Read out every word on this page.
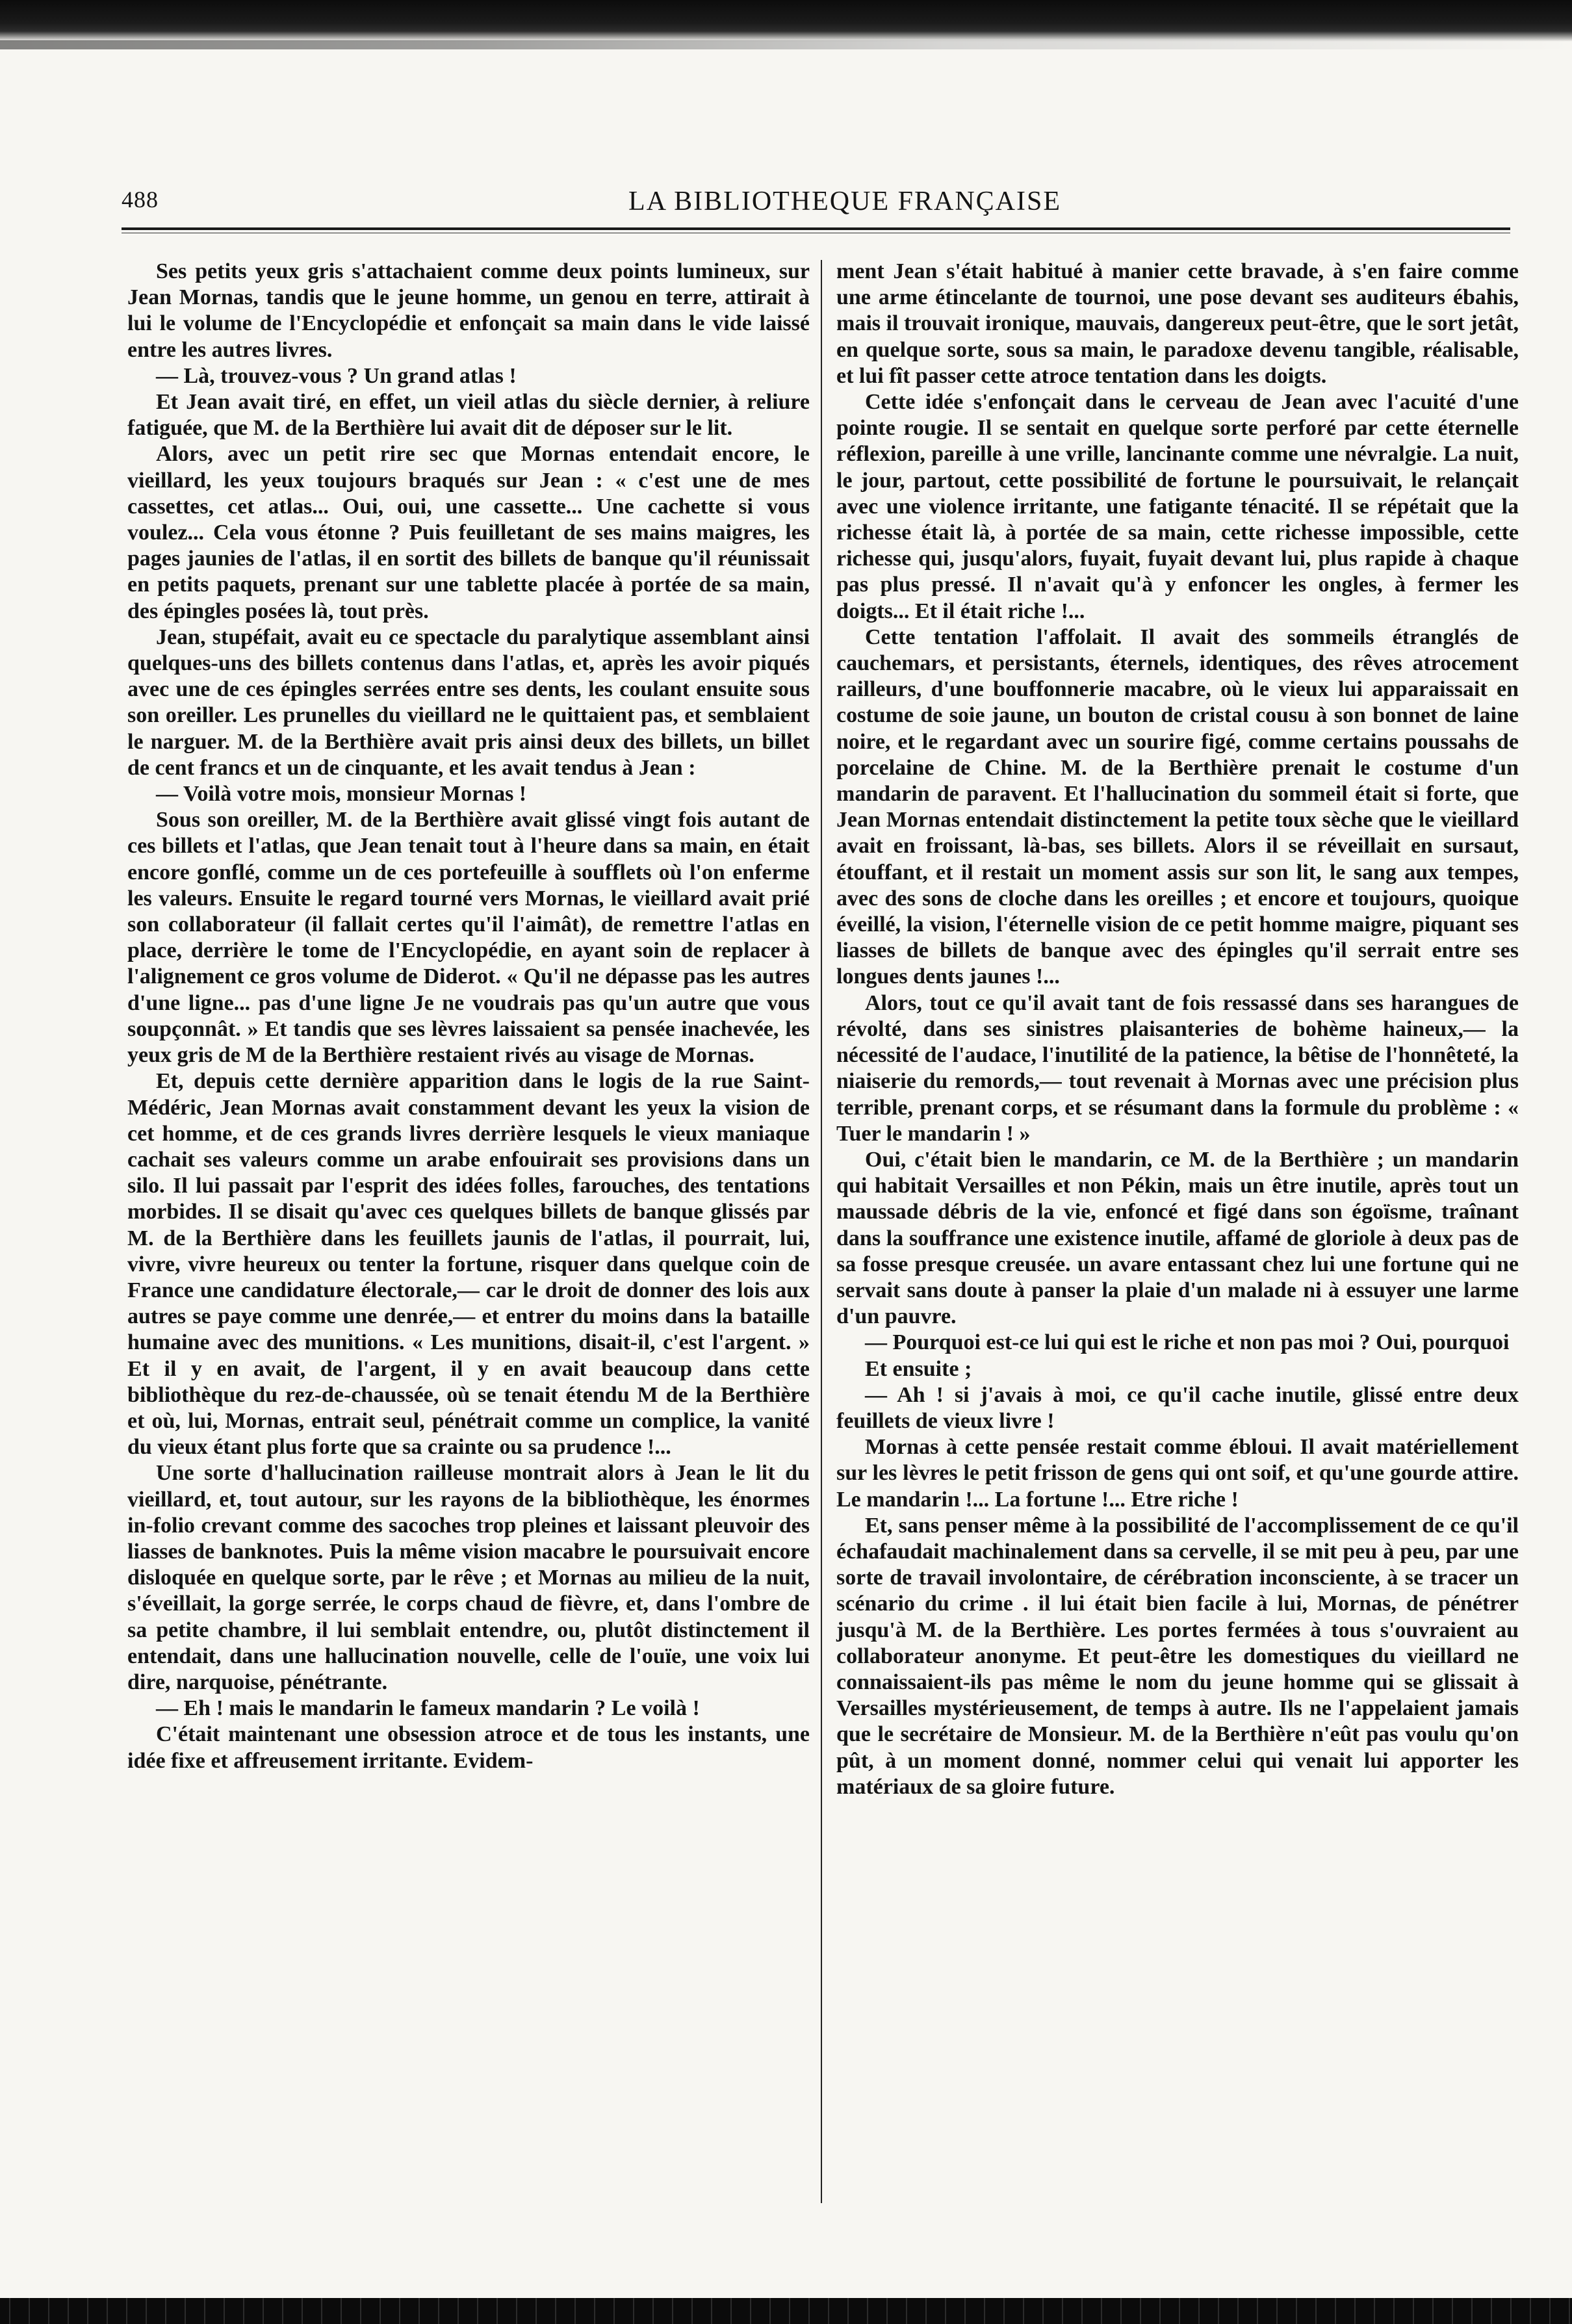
488	LA BIBLIOTHEQUE FRANÇAISE

Ses petits yeux gris s'attachaient comme deux points lumineux, sur Jean Mornas, tandis que le jeune homme, un genou en terre, attirait à lui le volume de l'Encyclopédie et enfonçait sa main dans le vide laissé entre les autres livres.

— Là, trouvez-vous ? Un grand atlas !

Et Jean avait tiré, en effet, un vieil atlas du siècle dernier, à reliure fatiguée, que M. de la Berthière lui avait dit de déposer sur le lit.

Alors, avec un petit rire sec que Mornas entendait encore, le vieillard, les yeux toujours braqués sur Jean : « c'est une de mes cassettes, cet atlas... Oui, oui, une cassette... Une cachette si vous voulez... Cela vous étonne ? Puis feuilletant de ses mains maigres, les pages jaunies de l'atlas, il en sortit des billets de banque qu'il réunissait en petits paquets, prenant sur une tablette placée à portée de sa main, des épingles posées là, tout près.

Jean, stupéfait, avait eu ce spectacle du paralytique assemblant ainsi quelques-uns des billets contenus dans l'atlas, et, après les avoir piqués avec une de ces épingles serrées entre ses dents, les coulant ensuite sous son oreiller. Les prunelles du vieillard ne le quittaient pas, et semblaient le narguer. M. de la Berthière avait pris ainsi deux des billets, un billet de cent francs et un de cinquante, et les avait tendus à Jean :

— Voilà votre mois, monsieur Mornas !

Sous son oreiller, M. de la Berthière avait glissé vingt fois autant de ces billets et l'atlas, que Jean tenait tout à l'heure dans sa main, en était encore gonflé, comme un de ces portefeuille à soufflets où l'on enferme les valeurs. Ensuite le regard tourné vers Mornas, le vieillard avait prié son collaborateur (il fallait certes qu'il l'aimât), de remettre l'atlas en place, derrière le tome de l'Encyclopédie, en ayant soin de replacer à l'alignement ce gros volume de Diderot. « Qu'il ne dépasse pas les autres d'une ligne... pas d'une ligne Je ne voudrais pas qu'un autre que vous soupçonnât. » Et tandis que ses lèvres laissaient sa pensée inachevée, les yeux gris de M de la Berthière restaient rivés au visage de Mornas.

Et, depuis cette dernière apparition dans le logis de la rue Saint-Médéric, Jean Mornas avait constamment devant les yeux la vision de cet homme, et de ces grands livres derrière lesquels le vieux maniaque cachait ses valeurs comme un arabe enfouirait ses provisions dans un silo. Il lui passait par l'esprit des idées folles, farouches, des tentations morbides. Il se disait qu'avec ces quelques billets de banque glissés par M. de la Berthière dans les feuillets jaunis de l'atlas, il pourrait, lui, vivre, vivre heureux ou tenter la fortune, risquer dans quelque coin de France une candidature électorale,— car le droit de donner des lois aux autres se paye comme une denrée,— et entrer du moins dans la bataille humaine avec des munitions. « Les munitions, disait-il, c'est l'argent. » Et il y en avait, de l'argent, il y en avait beaucoup dans cette bibliothèque du rez-de-chaussée, où se tenait étendu M de la Berthière et où, lui, Mornas, entrait seul, pénétrait comme un complice, la vanité du vieux étant plus forte que sa crainte ou sa prudence !...

Une sorte d'hallucination railleuse montrait alors à Jean le lit du vieillard, et, tout autour, sur les rayons de la bibliothèque, les énormes in-folio crevant comme des sacoches trop pleines et laissant pleuvoir des liasses de banknotes. Puis la même vision macabre le poursuivait encore disloquée en quelque sorte, par le rêve ; et Mornas au milieu de la nuit, s'éveillait, la gorge serrée, le corps chaud de fièvre, et, dans l'ombre de sa petite chambre, il lui semblait entendre, ou, plutôt distinctement il entendait, dans une hallucination nouvelle, celle de l'ouïe, une voix lui dire, narquoise, pénétrante.

— Eh ! mais le mandarin le fameux mandarin ? Le voilà !

C'était maintenant une obsession atroce et de tous les instants, une idée fixe et affreusement irritante. Evidem-

ment Jean s'était habitué à manier cette bravade, à s'en faire comme une arme étincelante de tournoi, une pose devant ses auditeurs ébahis, mais il trouvait ironique, mauvais, dangereux peut-être, que le sort jetât, en quelque sorte, sous sa main, le paradoxe devenu tangible, réalisable, et lui fît passer cette atroce tentation dans les doigts.

Cette idée s'enfonçait dans le cerveau de Jean avec l'acuité d'une pointe rougie. Il se sentait en quelque sorte perforé par cette éternelle réflexion, pareille à une vrille, lancinante comme une névralgie. La nuit, le jour, partout, cette possibilité de fortune le poursuivait, le relançait avec une violence irritante, une fatigante ténacité. Il se répétait que la richesse était là, à portée de sa main, cette richesse impossible, cette richesse qui, jusqu'alors, fuyait, fuyait devant lui, plus rapide à chaque pas plus pressé. Il n'avait qu'à y enfoncer les ongles, à fermer les doigts... Et il était riche !...

Cette tentation l'affolait. Il avait des sommeils étranglés de cauchemars, et persistants, éternels, identiques, des rêves atrocement railleurs, d'une bouffonnerie macabre, où le vieux lui apparaissait en costume de soie jaune, un bouton de cristal cousu à son bonnet de laine noire, et le regardant avec un sourire figé, comme certains poussahs de porcelaine de Chine. M. de la Berthière prenait le costume d'un mandarin de paravent. Et l'hallucination du sommeil était si forte, que Jean Mornas entendait distinctement la petite toux sèche que le vieillard avait en froissant, là-bas, ses billets. Alors il se réveillait en sursaut, étouffant, et il restait un moment assis sur son lit, le sang aux tempes, avec des sons de cloche dans les oreilles ; et encore et toujours, quoique éveillé, la vision, l'éternelle vision de ce petit homme maigre, piquant ses liasses de billets de banque avec des épingles qu'il serrait entre ses longues dents jaunes !...

Alors, tout ce qu'il avait tant de fois ressassé dans ses harangues de révolté, dans ses sinistres plaisanteries de bohème haineux,— la nécessité de l'audace, l'inutilité de la patience, la bêtise de l'honnêteté, la niaiserie du remords,— tout revenait à Mornas avec une précision plus terrible, prenant corps, et se résumant dans la formule du problème : « Tuer le mandarin ! »

Oui, c'était bien le mandarin, ce M. de la Berthière ; un mandarin qui habitait Versailles et non Pékin, mais un être inutile, après tout un maussade débris de la vie, enfoncé et figé dans son égoïsme, traînant dans la souffrance une existence inutile, affamé de gloriole à deux pas de sa fosse presque creusée. un avare entassant chez lui une fortune qui ne servait sans doute à panser la plaie d'un malade ni à essuyer une larme d'un pauvre.

— Pourquoi est-ce lui qui est le riche et non pas moi ? Oui, pourquoi

Et ensuite ;

— Ah ! si j'avais à moi, ce qu'il cache inutile, glissé entre deux feuillets de vieux livre !

Mornas à cette pensée restait comme ébloui. Il avait matériellement sur les lèvres le petit frisson de gens qui ont soif, et qu'une gourde attire. Le mandarin !... La fortune !... Etre riche !

Et, sans penser même à la possibilité de l'accomplissement de ce qu'il échafaudait machinalement dans sa cervelle, il se mit peu à peu, par une sorte de travail involontaire, de cérébration inconsciente, à se tracer un scénario du crime . il lui était bien facile à lui, Mornas, de pénétrer jusqu'à M. de la Berthière. Les portes fermées à tous s'ouvraient au collaborateur anonyme. Et peut-être les domestiques du vieillard ne connaissaient-ils pas même le nom du jeune homme qui se glissait à Versailles mystérieusement, de temps à autre. Ils ne l'appelaient jamais que le secrétaire de Monsieur. M. de la Berthière n'eût pas voulu qu'on pût, à un moment donné, nommer celui qui venait lui apporter les matériaux de sa gloire future.
